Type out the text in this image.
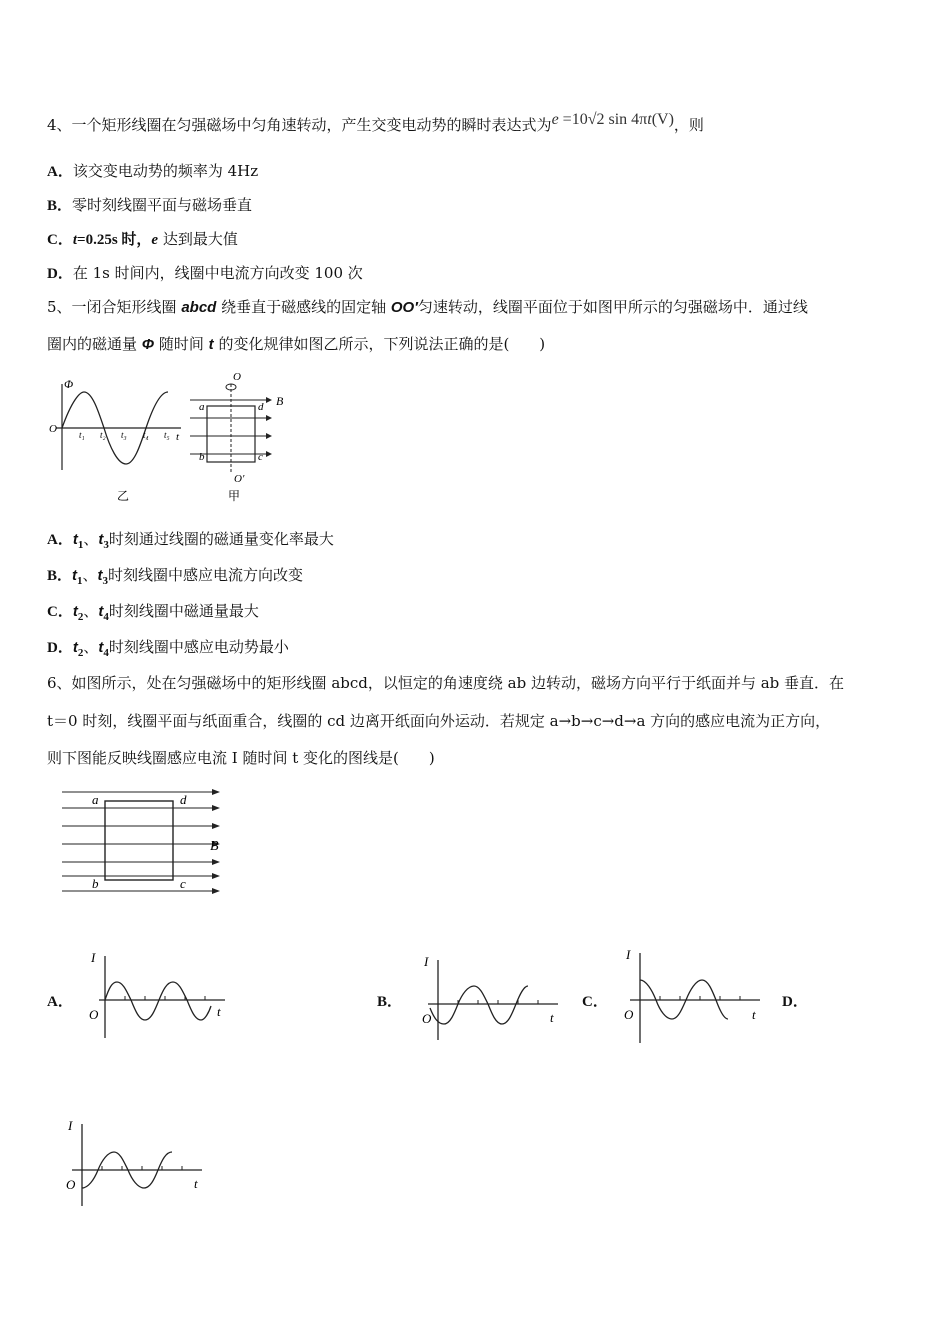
4、一个矩形线圈在匀强磁场中匀角速转动，产生交变电动势的瞬时表达式为e =10√2 sin 4πt(V)，则
A．该交变电动势的频率为 4Hz
B．零时刻线圈平面与磁场垂直
C．t=0.25s 时，e 达到最大值
D．在 1s 时间内，线圈中电流方向改变 100 次
5、一闭合矩形线圈 abcd 绕垂直于磁感线的固定轴 OO′匀速转动，线圈平面位于如图甲所示的匀强磁场中．通过线
圈内的磁通量 Φ 随时间 t 的变化规律如图乙所示，下列说法正确的是(　　)
Φ
O
t
t₁ t₂ t₃ t₄ t₅
乙
O
O′
a	d
b	c
B
甲
A．$t_1$、$t_3$时刻通过线圈的磁通量变化率最大
B．$t_1$、$t_3$时刻线圈中感应电流方向改变
C．$t_2$、$t_4$时刻线圈中磁通量最大
D．$t_2$、$t_4$时刻线圈中感应电动势最小
6、如图所示，处在匀强磁场中的矩形线圈 abcd，以恒定的角速度绕 ab 边转动，磁场方向平行于纸面并与 ab 垂直．在
t＝0 时刻，线圈平面与纸面重合，线圈的 cd 边离开纸面向外运动．若规定 a→b→c→d→a 方向的感应电流为正方向，
则下图能反映线圈感应电流 I 随时间 t 变化的图线是(　　)
a	d
b	c
B
A．
I
O	t
B．
I
O	t
C．
I
O	t
D．
I
O	t
